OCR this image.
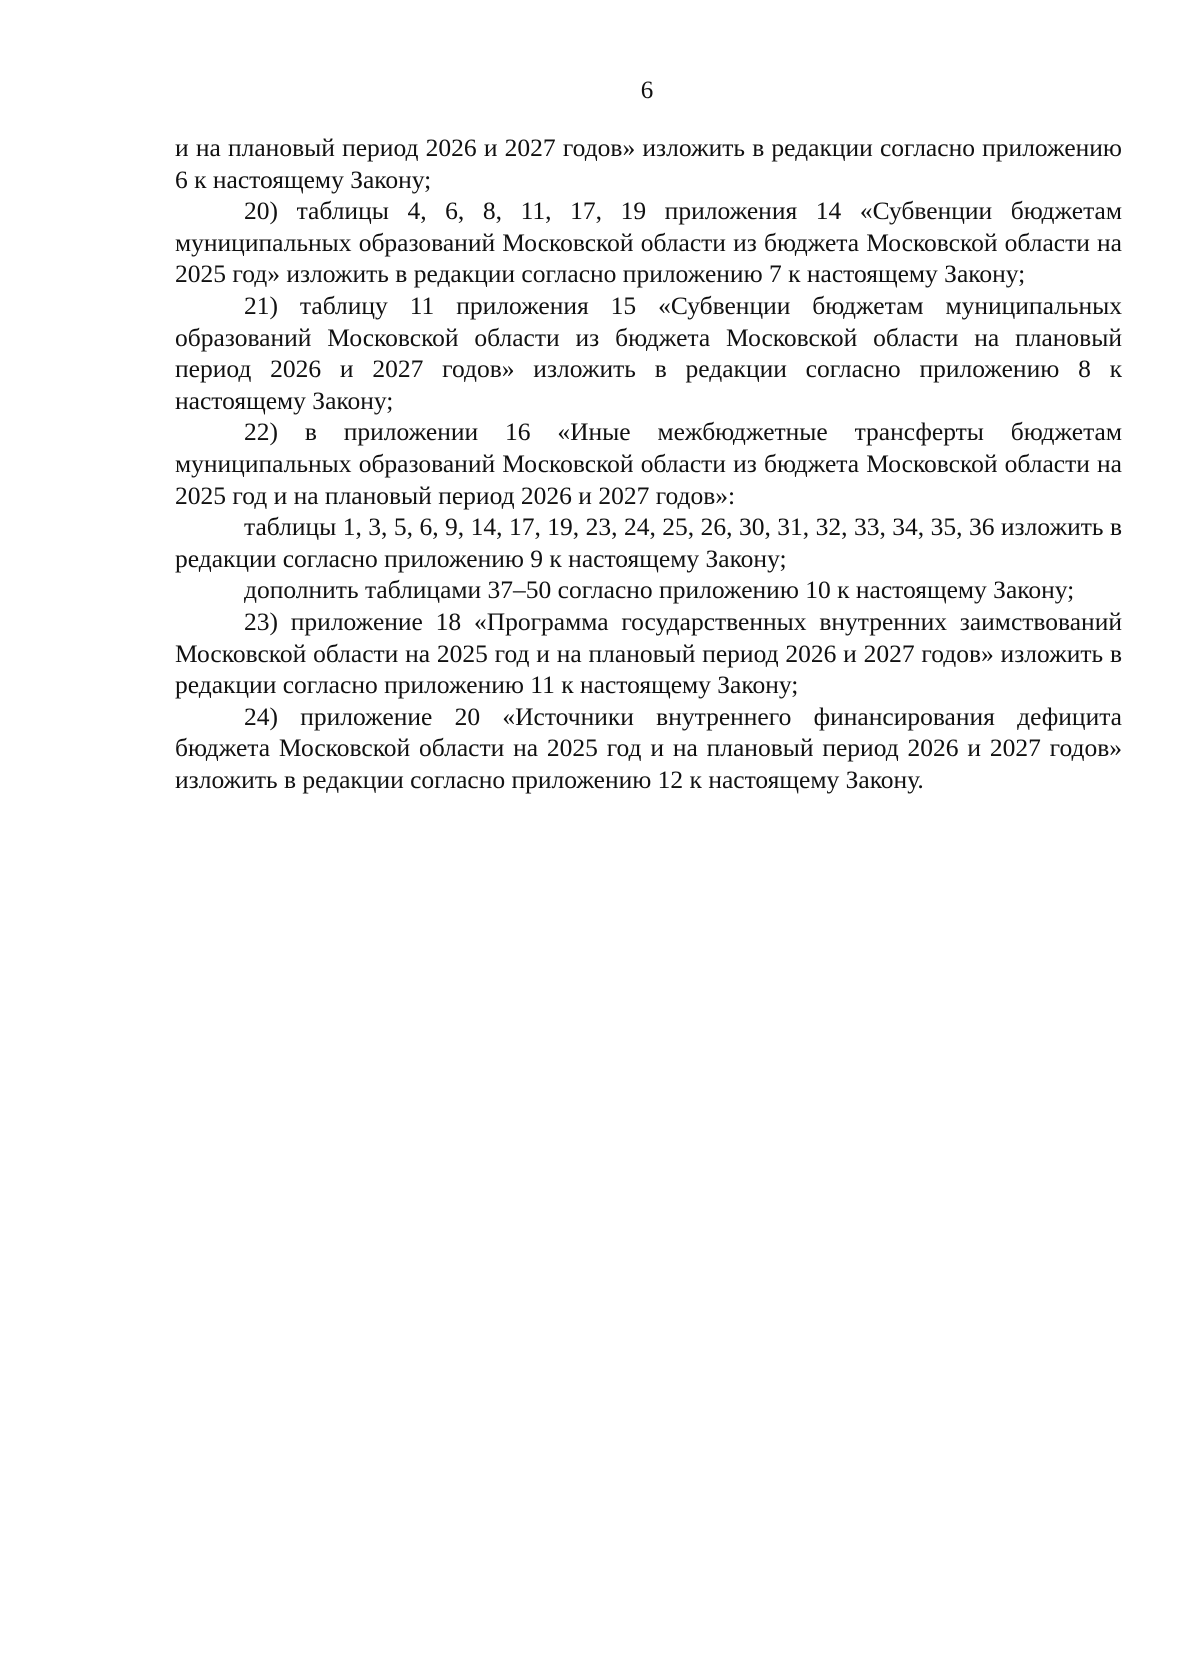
6

и на плановый период 2026 и 2027 годов» изложить в редакции согласно приложению 6 к настоящему Закону;

20) таблицы 4, 6, 8, 11, 17, 19 приложения 14 «Субвенции бюджетам муниципальных образований Московской области из бюджета Московской области на 2025 год» изложить в редакции согласно приложению 7 к настоящему Закону;

21) таблицу 11 приложения 15 «Субвенции бюджетам муниципальных образований Московской области из бюджета Московской области на плановый период 2026 и 2027 годов» изложить в редакции согласно приложению 8 к настоящему Закону;

22) в приложении 16 «Иные межбюджетные трансферты бюджетам муниципальных образований Московской области из бюджета Московской области на 2025 год и на плановый период 2026 и 2027 годов»:

таблицы 1, 3, 5, 6, 9, 14, 17, 19, 23, 24, 25, 26, 30, 31, 32, 33, 34, 35, 36 изложить в редакции согласно приложению 9 к настоящему Закону;

дополнить таблицами 37–50 согласно приложению 10 к настоящему Закону;

23) приложение 18 «Программа государственных внутренних заимствований Московской области на 2025 год и на плановый период 2026 и 2027 годов» изложить в редакции согласно приложению 11 к настоящему Закону;

24) приложение 20 «Источники внутреннего финансирования дефицита бюджета Московской области на 2025 год и на плановый период 2026 и 2027 годов» изложить в редакции согласно приложению 12 к настоящему Закону.
